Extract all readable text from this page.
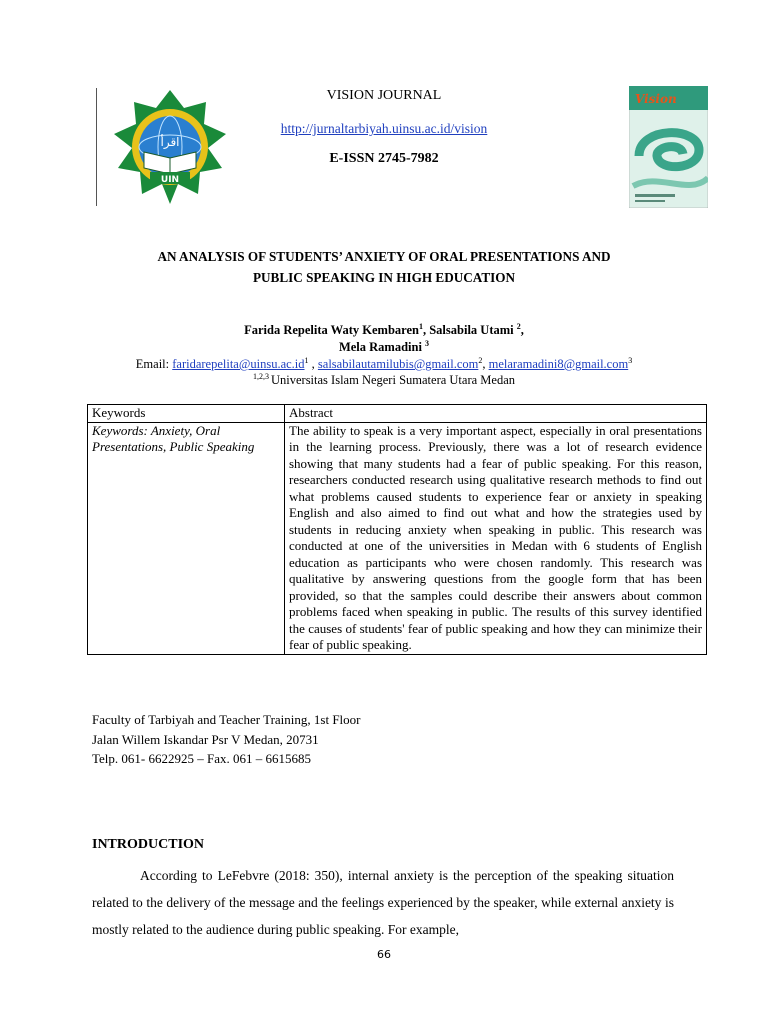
UIN
اقرأ
VISION JOURNAL
http://jurnaltarbiyah.uinsu.ac.id/vision
E-ISSN 2745-7982
Vision
AN ANALYSIS OF STUDENTS’ ANXIETY OF ORAL PRESENTATIONS AND
PUBLIC SPEAKING IN HIGH EDUCATION
Farida Repelita Waty Kembaren$^1$, Salsabila Utami $^2$,
Mela Ramadini $^3$
Email: $faridarepelita@uinsu.ac.id^1$ , salsabilautamilubis@gmail.com$^2$, melaramadini8@gmail.com$^3$
$^{1,2,3}$ Universitas Islam Negeri Sumatera Utara Medan
Keywords	Abstract
Keywords: Anxiety, Oral Presentations, Public Speaking	The ability to speak is a very important aspect, especially in oral presentations in the learning process. Previously, there was a lot of research evidence showing that many students had a fear of public speaking. For this reason, researchers conducted research using qualitative research methods to find out what problems caused students to experience fear or anxiety in speaking English and also aimed to find out what and how the strategies used by students in reducing anxiety when speaking in public. This research was conducted at one of the universities in Medan with 6 students of English education as participants who were chosen randomly. This research was qualitative by answering questions from the google form that has been provided, so that the samples could describe their answers about common problems faced when speaking in public. The results of this survey identified the causes of students' fear of public speaking and how they can minimize their fear of public speaking.
Faculty of Tarbiyah and Teacher Training, 1st Floor
Jalan Willem Iskandar Psr V Medan, 20731
Telp. 061- 6622925 – Fax. 061 – 6615685
INTRODUCTION
According to LeFebvre (2018: 350), internal anxiety is the perception of the speaking situation related to the delivery of the message and the feelings experienced by the speaker, while external anxiety is mostly related to the audience during public speaking. For example,
66
